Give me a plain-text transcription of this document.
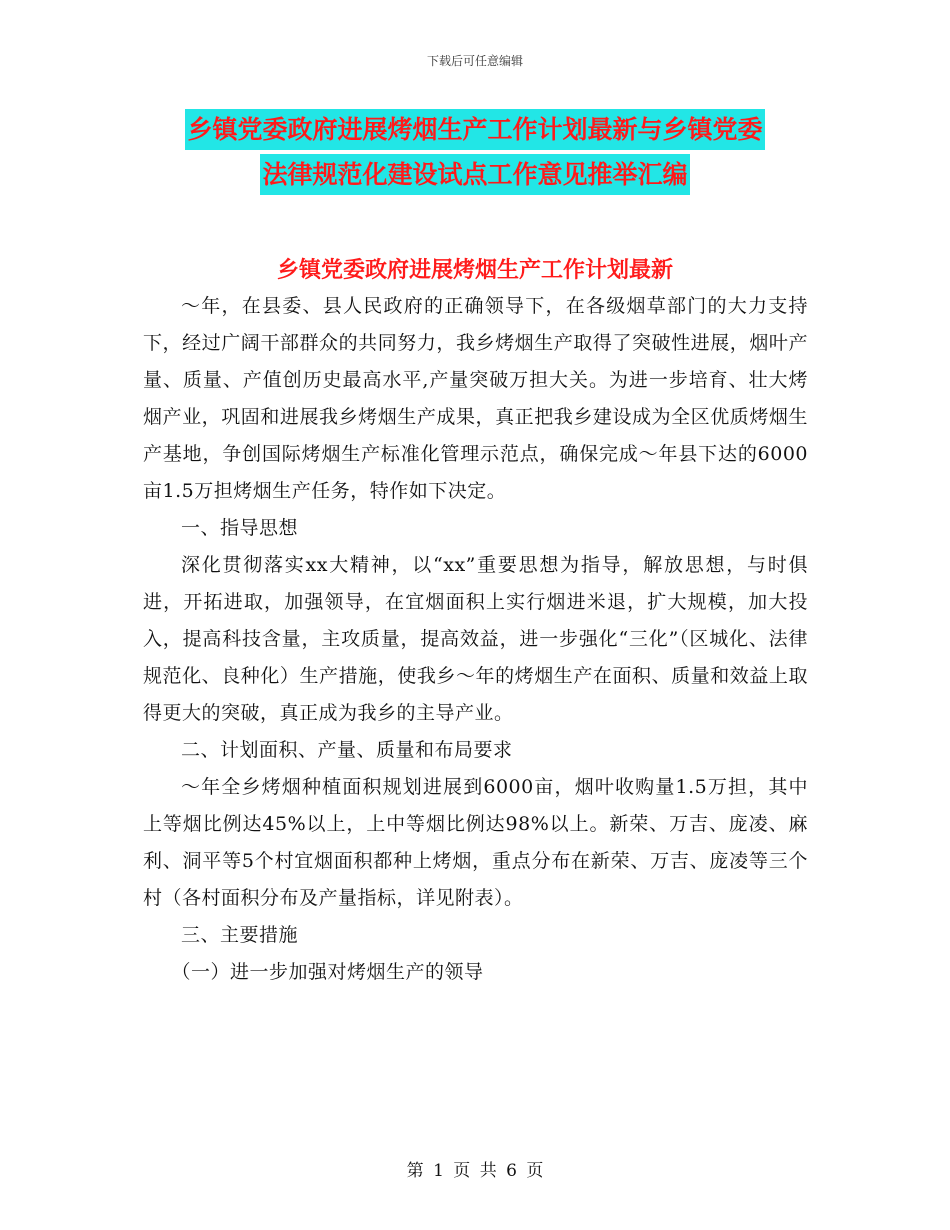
下载后可任意编辑
乡镇党委政府进展烤烟生产工作计划最新与乡镇党委
法律规范化建设试点工作意见推举汇编
乡镇党委政府进展烤烟生产工作计划最新

～年，在县委、县人民政府的正确领导下，在各级烟草部门的大力支持下，经过广阔干部群众的共同努力，我乡烤烟生产取得了突破性进展，烟叶产量、质量、产值创历史最高水平,产量突破万担大关。为进一步培育、壮大烤烟产业，巩固和进展我乡烤烟生产成果，真正把我乡建设成为全区优质烤烟生产基地，争创国际烤烟生产标准化管理示范点，确保完成～年县下达的6000亩1.5万担烤烟生产任务，特作如下决定。

一、指导思想

深化贯彻落实xx大精神，以“xx”重要思想为指导，解放思想，与时俱进，开拓进取，加强领导，在宜烟面积上实行烟进米退，扩大规模，加大投入，提高科技含量，主攻质量，提高效益，进一步强化“三化”（区城化、法律规范化、良种化）生产措施，使我乡～年的烤烟生产在面积、质量和效益上取得更大的突破，真正成为我乡的主导产业。

二、计划面积、产量、质量和布局要求

～年全乡烤烟种植面积规划进展到6000亩，烟叶收购量1.5万担，其中上等烟比例达45%以上，上中等烟比例达98%以上。新荣、万吉、庞凌、麻利、洞平等5个村宜烟面积都种上烤烟，重点分布在新荣、万吉、庞凌等三个村（各村面积分布及产量指标，详见附表）。

三、主要措施

（一）进一步加强对烤烟生产的领导

第 1 页 共 6 页
